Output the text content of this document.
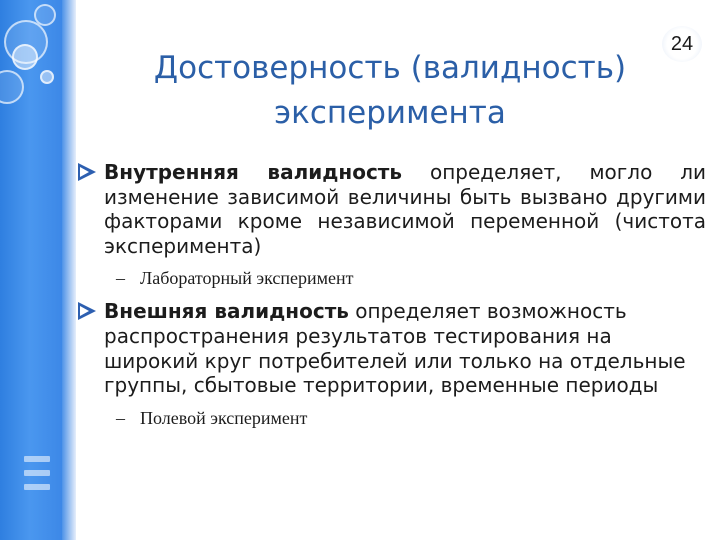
24
Достоверность (валидность)
эксперимента
Внутренняя валидность определяет, могло ли изменение зависимой величины быть вызвано другими факторами кроме независимой переменной (чистота эксперимента)
– Лабораторный эксперимент
Внешняя валидность определяет возможность распространения результатов тестирования на широкий круг потребителей или только на отдельные группы, сбытовые территории, временные периоды
– Полевой эксперимент
